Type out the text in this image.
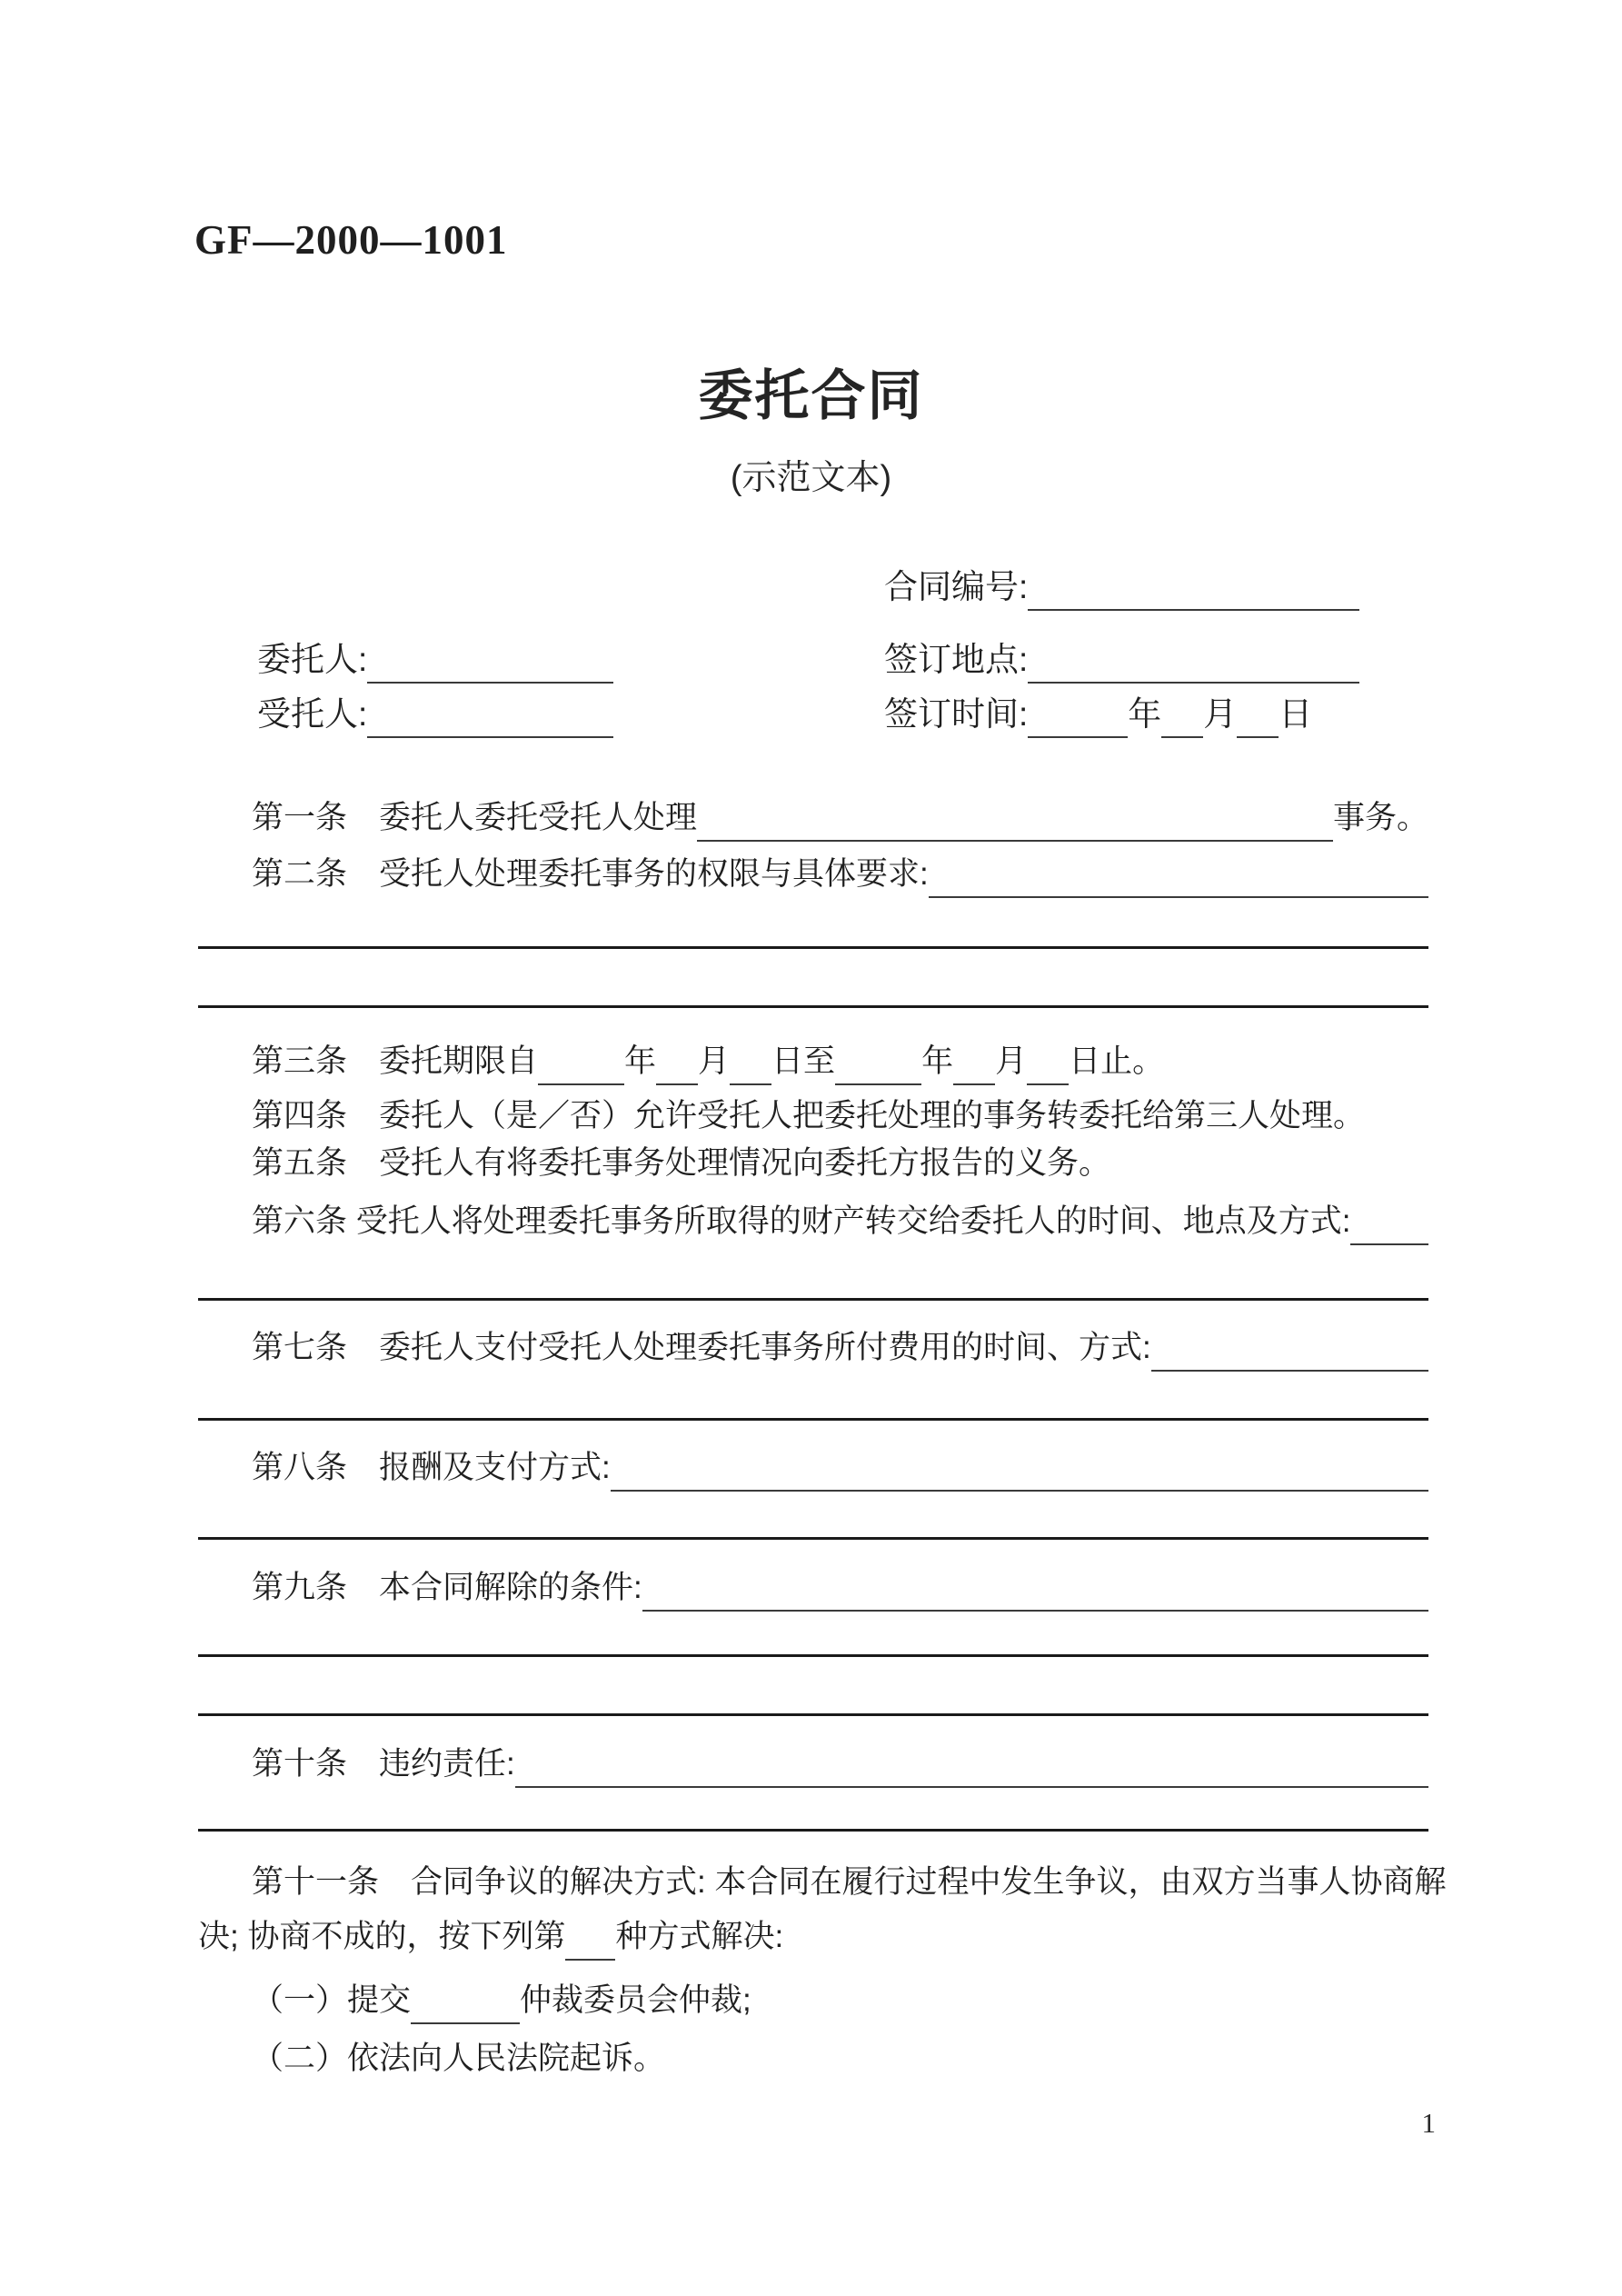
GF—2000—1001
委托合同
(示范文本)
合同编号:
委托人:	签订地点:
受托人:	签订时间:	年 月 日
第一条　委托人委托受托人处理	事务。
第二条　受托人处理委托事务的权限与具体要求:
第三条　委托期限自	年 月 日至	年 月 日止。
第四条　委托人（是／否）允许受托人把委托处理的事务转委托给第三人处理。
第五条　受托人有将委托事务处理情况向委托方报告的义务。
第六条 受托人将处理委托事务所取得的财产转交给委托人的时间、地点及方式:
第七条　委托人支付受托人处理委托事务所付费用的时间、方式:
第八条　报酬及支付方式:
第九条　本合同解除的条件:
第十条　违约责任:
第十一条　合同争议的解决方式: 本合同在履行过程中发生争议，由双方当事人协商解
决; 协商不成的，按下列第 种方式解决:
（一）提交	仲裁委员会仲裁;
（二）依法向人民法院起诉。
1
